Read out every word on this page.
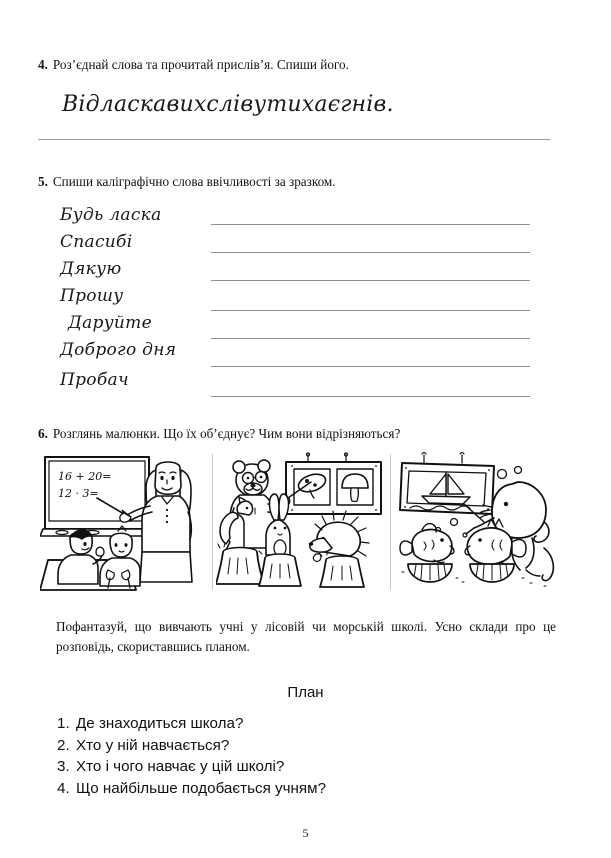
4. Роз’єднай слова та прочитай прислів’я. Спиши його.
Відласкавихслівутихаєгнів.
5. Спиши каліграфічно слова ввічливості за зразком.
Будь ласка
Спасибі
Дякую
Прошу
Даруйте
Доброго дня
Пробач
6. Розглянь малюнки. Що їх об’єднує? Чим вони відрізняються?
16 + 20=
12 · 3=
Пофантазуй, що вивчають учні у лісовій чи морській школі. Усно склади про це розповідь, скориставшись планом.
План
1. Де знаходиться школа?
2. Хто у ній навчається?
3. Хто і чого навчає у цій школі?
4. Що найбільше подобається учням?
5
